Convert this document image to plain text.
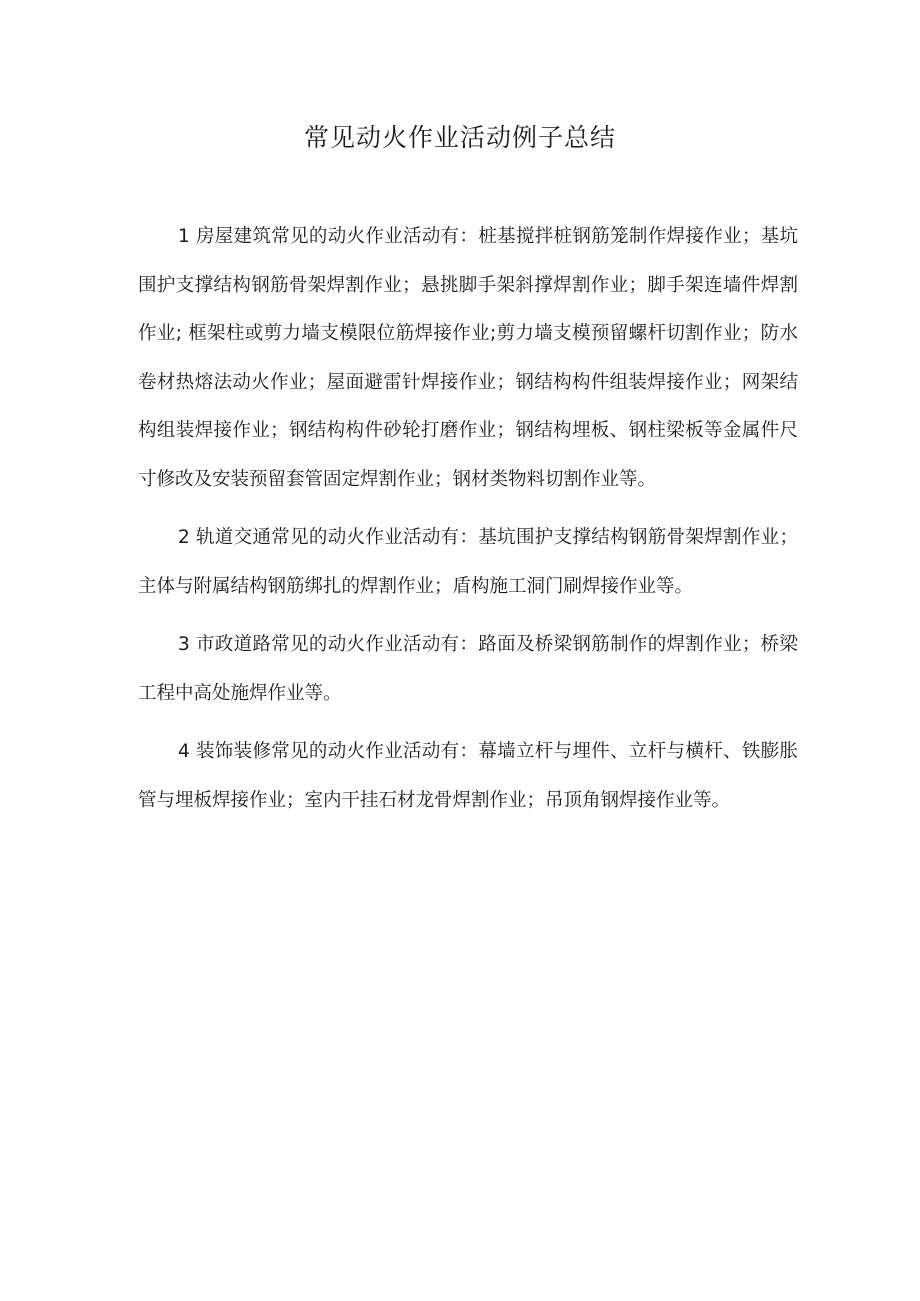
常见动火作业活动例子总结

1 房屋建筑常见的动火作业活动有：桩基搅拌桩钢筋笼制作焊接作业；基坑围护支撑结构钢筋骨架焊割作业；悬挑脚手架斜撑焊割作业；脚手架连墙件焊割作业; 框架柱或剪力墙支模限位筋焊接作业;剪力墙支模预留螺杆切割作业；防水卷材热熔法动火作业；屋面避雷针焊接作业；钢结构构件组装焊接作业；网架结构组装焊接作业；钢结构构件砂轮打磨作业；钢结构埋板、钢柱梁板等金属件尺寸修改及安装预留套管固定焊割作业；钢材类物料切割作业等。

2 轨道交通常见的动火作业活动有：基坑围护支撑结构钢筋骨架焊割作业；主体与附属结构钢筋绑扎的焊割作业；盾构施工洞门刷焊接作业等。

3 市政道路常见的动火作业活动有：路面及桥梁钢筋制作的焊割作业；桥梁工程中高处施焊作业等。

4 装饰装修常见的动火作业活动有：幕墙立杆与埋件、立杆与横杆、铁膨胀管与埋板焊接作业；室内干挂石材龙骨焊割作业；吊顶角钢焊接作业等。
